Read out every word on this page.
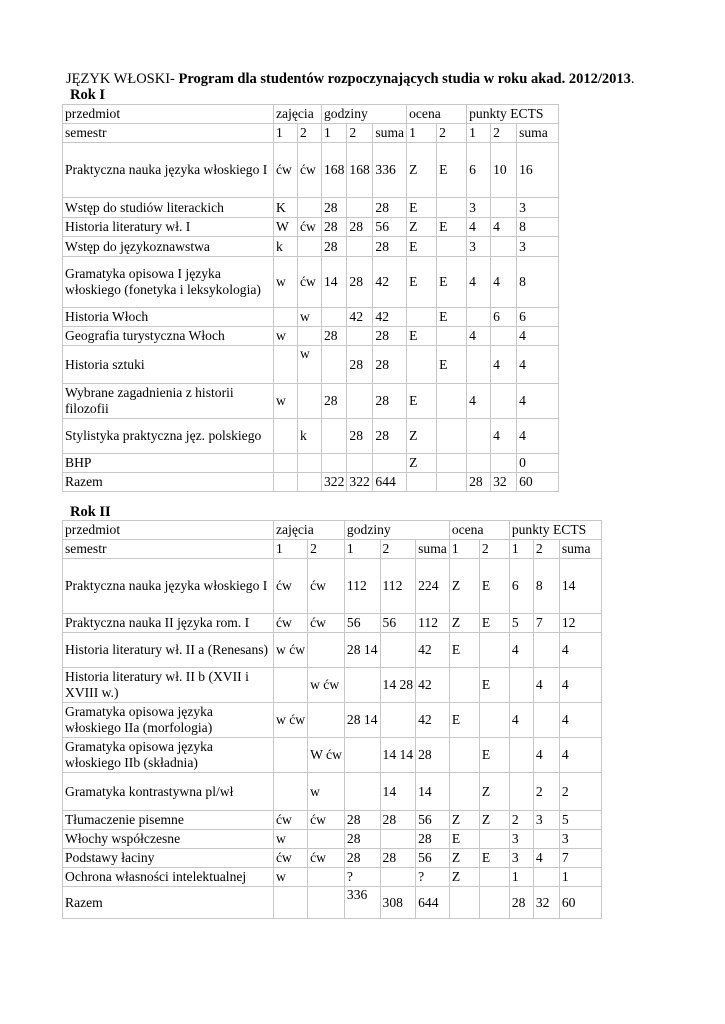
JĘZYK WŁOSKI- Program dla studentów rozpoczynających studia w roku akad. 2012/2013.
Rok I
przedmiot	zajęcia		godziny			ocena		punkty ECTS		
semestr	1	2	1	2	suma	1	2	1	2	suma
Praktyczna nauka języka włoskiego I	ćw	ćw	168	168	336	Z	E	6	10	16
Wstęp do studiów literackich	K		28		28	E		3		3
Historia literatury wł. I	W	ćw	28	28	56	Z	E	4	4	8
Wstęp do językoznawstwa	k		28		28	E		3		3
Gramatyka opisowa I języka włoskiego (fonetyka i leksykologia)	w	ćw	14	28	42	E	E	4	4	8
Historia Włoch		w		42	42		E		6	6
Geografia turystyczna Włoch	w		28		28	E		4		4
Historia sztuki		w		28	28		E		4	4
Wybrane zagadnienia z historii filozofii	w		28		28	E		4		4
Stylistyka praktyczna jęz. polskiego		k		28	28	Z			4	4
BHP						Z				0
Razem			322	322	644			28	32	60
Rok II
przedmiot	zajęcia		godziny			ocena		punkty ECTS		
semestr	1	2	1	2	suma	1	2	1	2	suma
Praktyczna nauka języka włoskiego I	ćw	ćw	112	112	224	Z	E	6	8	14
Praktyczna nauka II języka rom. I	ćw	ćw	56	56	112	Z	E	5	7	12
Historia literatury wł. II a (Renesans)	w ćw		28 14		42	E		4		4
Historia literatury wł. II b (XVII i XVIII w.)		w ćw		14 28	42		E		4	4
Gramatyka opisowa języka włoskiego IIa (morfologia)	w ćw		28 14		42	E		4		4
Gramatyka opisowa języka włoskiego IIb (składnia)		W ćw		14 14	28		E		4	4
Gramatyka kontrastywna pl/wł		w		14	14		Z		2	2
Tłumaczenie pisemne	ćw	ćw	28	28	56	Z	Z	2	3	5
Włochy współczesne	w		28		28	E		3		3
Podstawy łaciny	ćw	ćw	28	28	56	Z	E	3	4	7
Ochrona własności intelektualnej	w		?		?	Z		1		1
Razem			336	308	644			28	32	60
